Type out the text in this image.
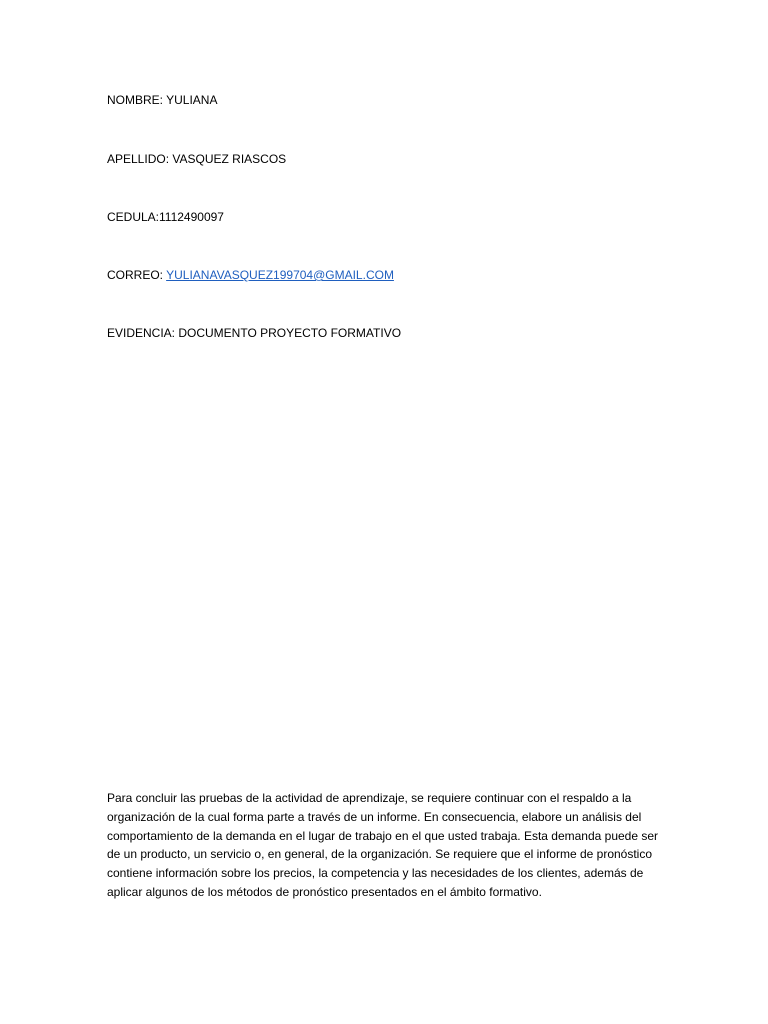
NOMBRE: YULIANA
APELLIDO: VASQUEZ RIASCOS
CEDULA:1112490097
CORREO: YULIANAVASQUEZ199704@GMAIL.COM
EVIDENCIA: DOCUMENTO PROYECTO FORMATIVO

Para concluir las pruebas de la actividad de aprendizaje, se requiere continuar con el respaldo a la organización de la cual forma parte a través de un informe. En consecuencia, elabore un análisis del comportamiento de la demanda en el lugar de trabajo en el que usted trabaja. Esta demanda puede ser de un producto, un servicio o, en general, de la organización. Se requiere que el informe de pronóstico contiene información sobre los precios, la competencia y las necesidades de los clientes, además de aplicar algunos de los métodos de pronóstico presentados en el ámbito formativo.
